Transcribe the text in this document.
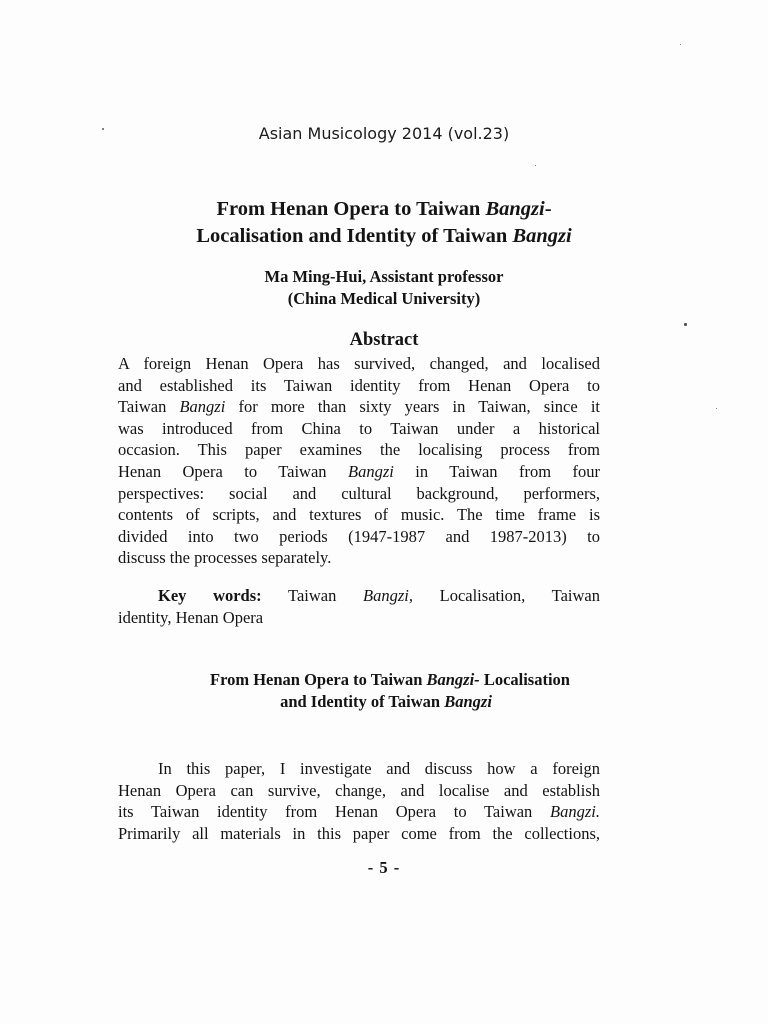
Asian Musicology 2014 (vol.23)
From Henan Opera to Taiwan Bangzi-
Localisation and Identity of Taiwan Bangzi
Ma Ming-Hui, Assistant professor
(China Medical University)
Abstract
A foreign Henan Opera has survived, changed, and localised
and established its Taiwan identity from Henan Opera to
Taiwan Bangzi for more than sixty years in Taiwan, since it
was introduced from China to Taiwan under a historical
occasion. This paper examines the localising process from
Henan Opera to Taiwan Bangzi in Taiwan from four
perspectives: social and cultural background, performers,
contents of scripts, and textures of music. The time frame is
divided into two periods (1947-1987 and 1987-2013) to
discuss the processes separately.
Key words: Taiwan Bangzi, Localisation, Taiwan
identity, Henan Opera
From Henan Opera to Taiwan Bangzi- Localisation
and Identity of Taiwan Bangzi
In this paper, I investigate and discuss how a foreign
Henan Opera can survive, change, and localise and establish
its Taiwan identity from Henan Opera to Taiwan Bangzi.
Primarily all materials in this paper come from the collections,
- 5 -
